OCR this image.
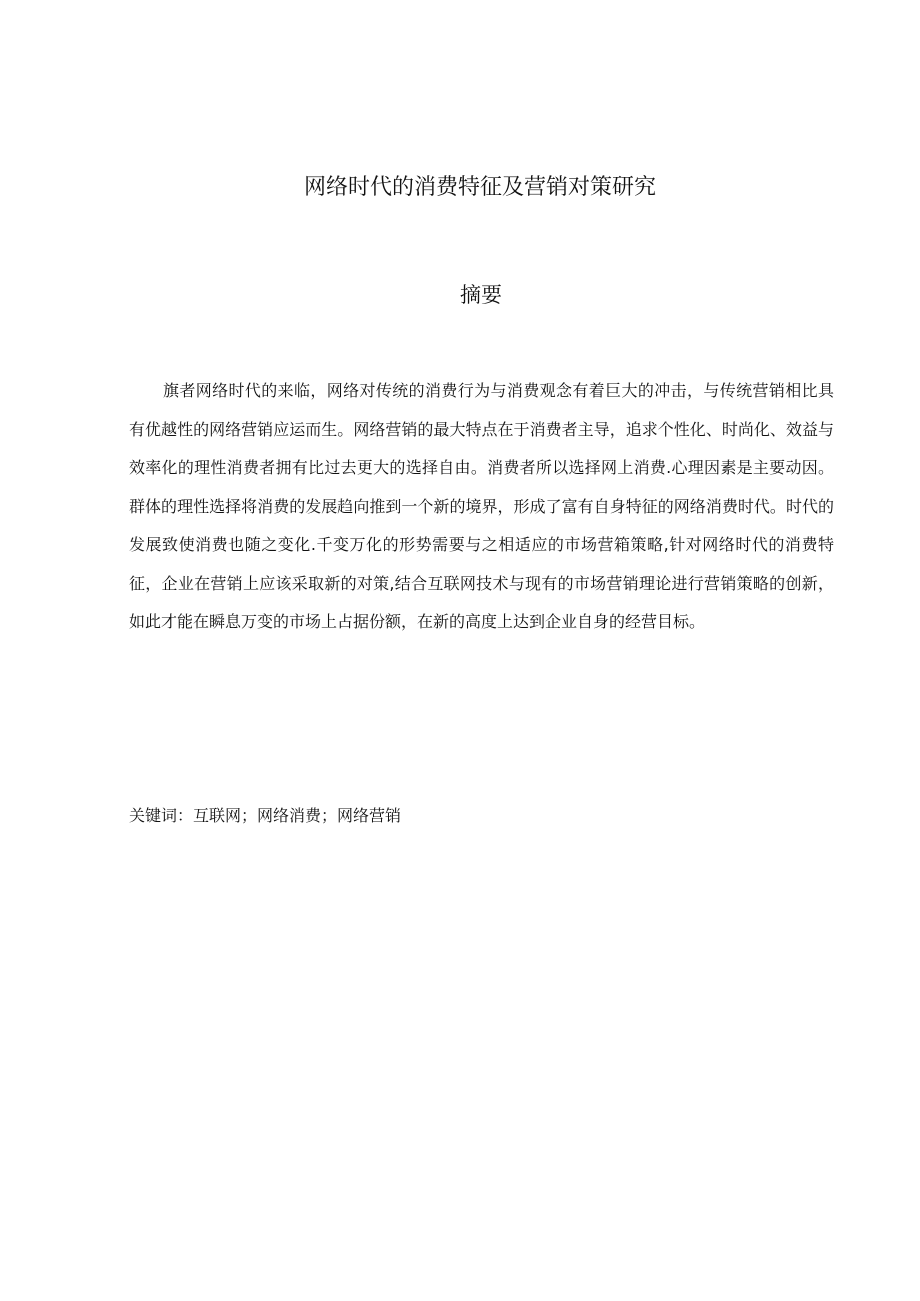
网络时代的消费特征及营销对策研究
摘要

旗者网络时代的来临，网络对传统的消费行为与消费观念有着巨大的冲击，与传统营销相比具有优越性的网络营销应运而生。网络营销的最大特点在于消费者主导，追求个性化、时尚化、效益与效率化的理性消费者拥有比过去更大的选择自由。消费者所以选择网上消费.心理因素是主要动因。群体的理性选择将消费的发展趋向推到一个新的境界，形成了富有自身特征的网络消费时代。时代的发展致使消费也随之变化.千变万化的形势需要与之相适应的市场营箱策略,针对网络时代的消费特征，企业在营销上应该采取新的对策,结合互联网技术与现有的市场营销理论进行营销策略的创新，如此才能在瞬息万变的市场上占据份额，在新的高度上达到企业自身的经营目标。

关键词：互联网；网络消费；网络营销
